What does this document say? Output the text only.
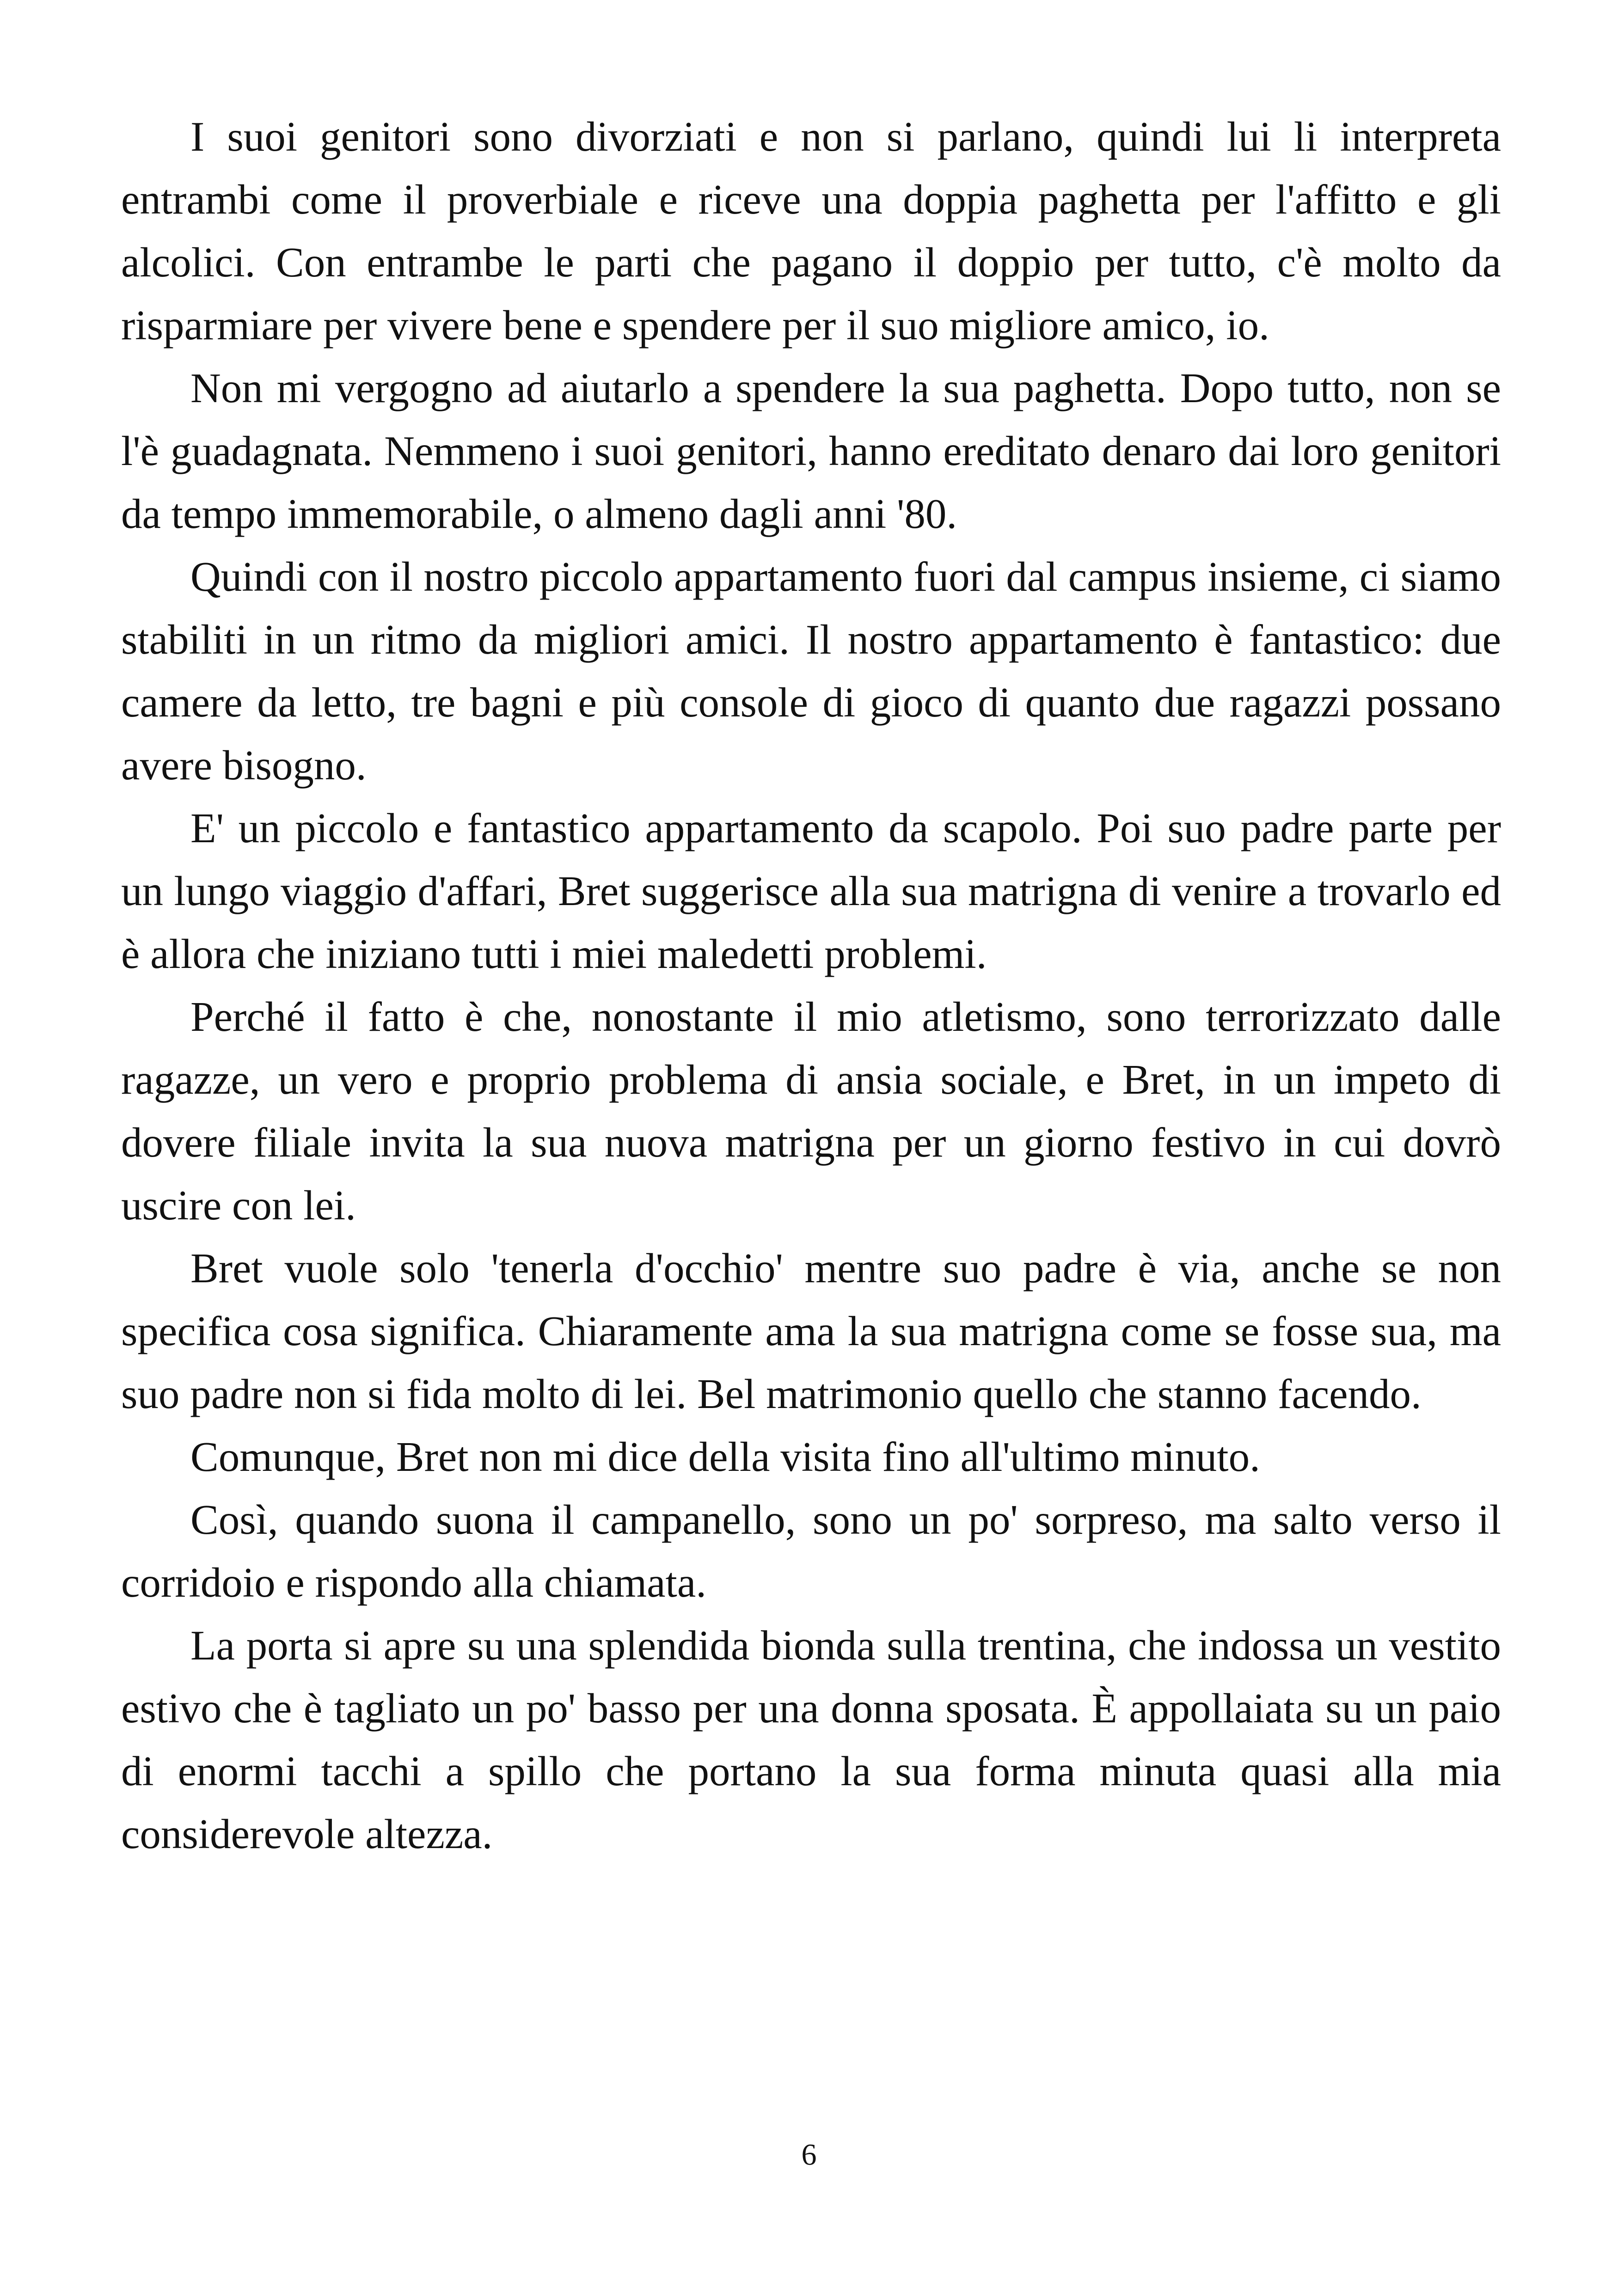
I suoi genitori sono divorziati e non si parlano, quindi lui li interpreta entrambi come il proverbiale e riceve una doppia paghetta per l'affitto e gli alcolici. Con entrambe le parti che pagano il doppio per tutto, c'è molto da risparmiare per vivere bene e spendere per il suo migliore amico, io.

Non mi vergogno ad aiutarlo a spendere la sua paghetta. Dopo tutto, non se l'è guadagnata. Nemmeno i suoi genitori, hanno ereditato denaro dai loro genitori da tempo immemorabile, o almeno dagli anni '80.

Quindi con il nostro piccolo appartamento fuori dal campus insieme, ci siamo stabiliti in un ritmo da migliori amici. Il nostro appartamento è fantastico: due camere da letto, tre bagni e più console di gioco di quanto due ragazzi possano avere bisogno.

E' un piccolo e fantastico appartamento da scapolo. Poi suo padre parte per un lungo viaggio d'affari, Bret suggerisce alla sua matrigna di venire a trovarlo ed è allora che iniziano tutti i miei maledetti problemi.

Perché il fatto è che, nonostante il mio atletismo, sono terrorizzato dalle ragazze, un vero e proprio problema di ansia sociale, e Bret, in un impeto di dovere filiale invita la sua nuova matrigna per un giorno festivo in cui dovrò uscire con lei.

Bret vuole solo 'tenerla d'occhio' mentre suo padre è via, anche se non specifica cosa significa. Chiaramente ama la sua matrigna come se fosse sua, ma suo padre non si fida molto di lei. Bel matrimonio quello che stanno facendo.

Comunque, Bret non mi dice della visita fino all'ultimo minuto.

Così, quando suona il campanello, sono un po' sorpreso, ma salto verso il corridoio e rispondo alla chiamata.

La porta si apre su una splendida bionda sulla trentina, che indossa un vestito estivo che è tagliato un po' basso per una donna sposata. È appollaiata su un paio di enormi tacchi a spillo che portano la sua forma minuta quasi alla mia considerevole altezza.

6
